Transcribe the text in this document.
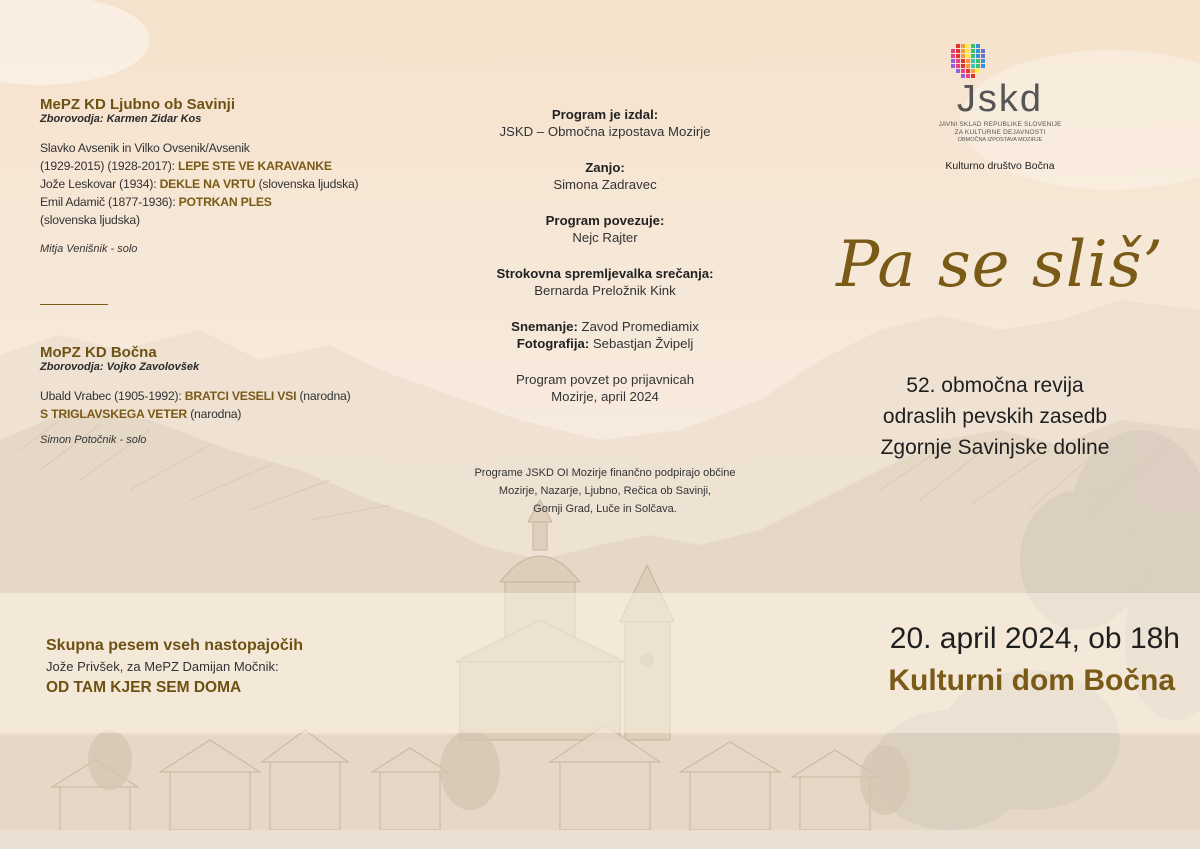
MePZ KD Ljubno ob Savinji
Zborovodja: Karmen Zidar Kos
Slavko Avsenik in Vilko Ovsenik/Avsenik
(1929-2015) (1928-2017): LEPE STE VE KARAVANKE
Jože Leskovar (1934): DEKLE NA VRTU (slovenska ljudska)
Emil Adamič (1877-1936): POTRKAN PLES
(slovenska ljudska)
Mitja Venišnik - solo
MoPZ KD Bočna
Zborovodja: Vojko Zavolovšek
Ubald Vrabec (1905-1992): BRATCI VESELI VSI (narodna)
S TRIGLAVSKEGA VETER (narodna)
Simon Potočnik - solo
Skupna pesem vseh nastopajočih
Jože Privšek, za MePZ Damijan Močnik:
OD TAM KJER SEM DOMA
Program je izdal:
JSKD – Območna izpostava Mozirje
Zanjo:
Simona Zadravec
Program povezuje:
Nejc Rajter
Strokovna spremljevalka srečanja:
Bernarda Preložnik Kink
Snemanje: Zavod Promediamix
Fotografija: Sebastjan Žvipelj
Program povzet po prijavnicah
Mozirje, april 2024
Programe JSKD OI Mozirje finančno podpirajo občine
Mozirje, Nazarje, Ljubno, Rečica ob Savinji,
Gornji Grad, Luče in Solčava.
Jskd
JAVNI SKLAD REPUBLIKE SLOVENIJE
ZA KULTURNE DEJAVNOSTI
OBMOČNA IZPOSTAVA MOZIRJE
Kulturno društvo Bočna
Pa se sliš’
52. območna revija
odraslih pevskih zasedb
Zgornje Savinjske doline
20. april 2024, ob 18h
Kulturni dom Bočna
